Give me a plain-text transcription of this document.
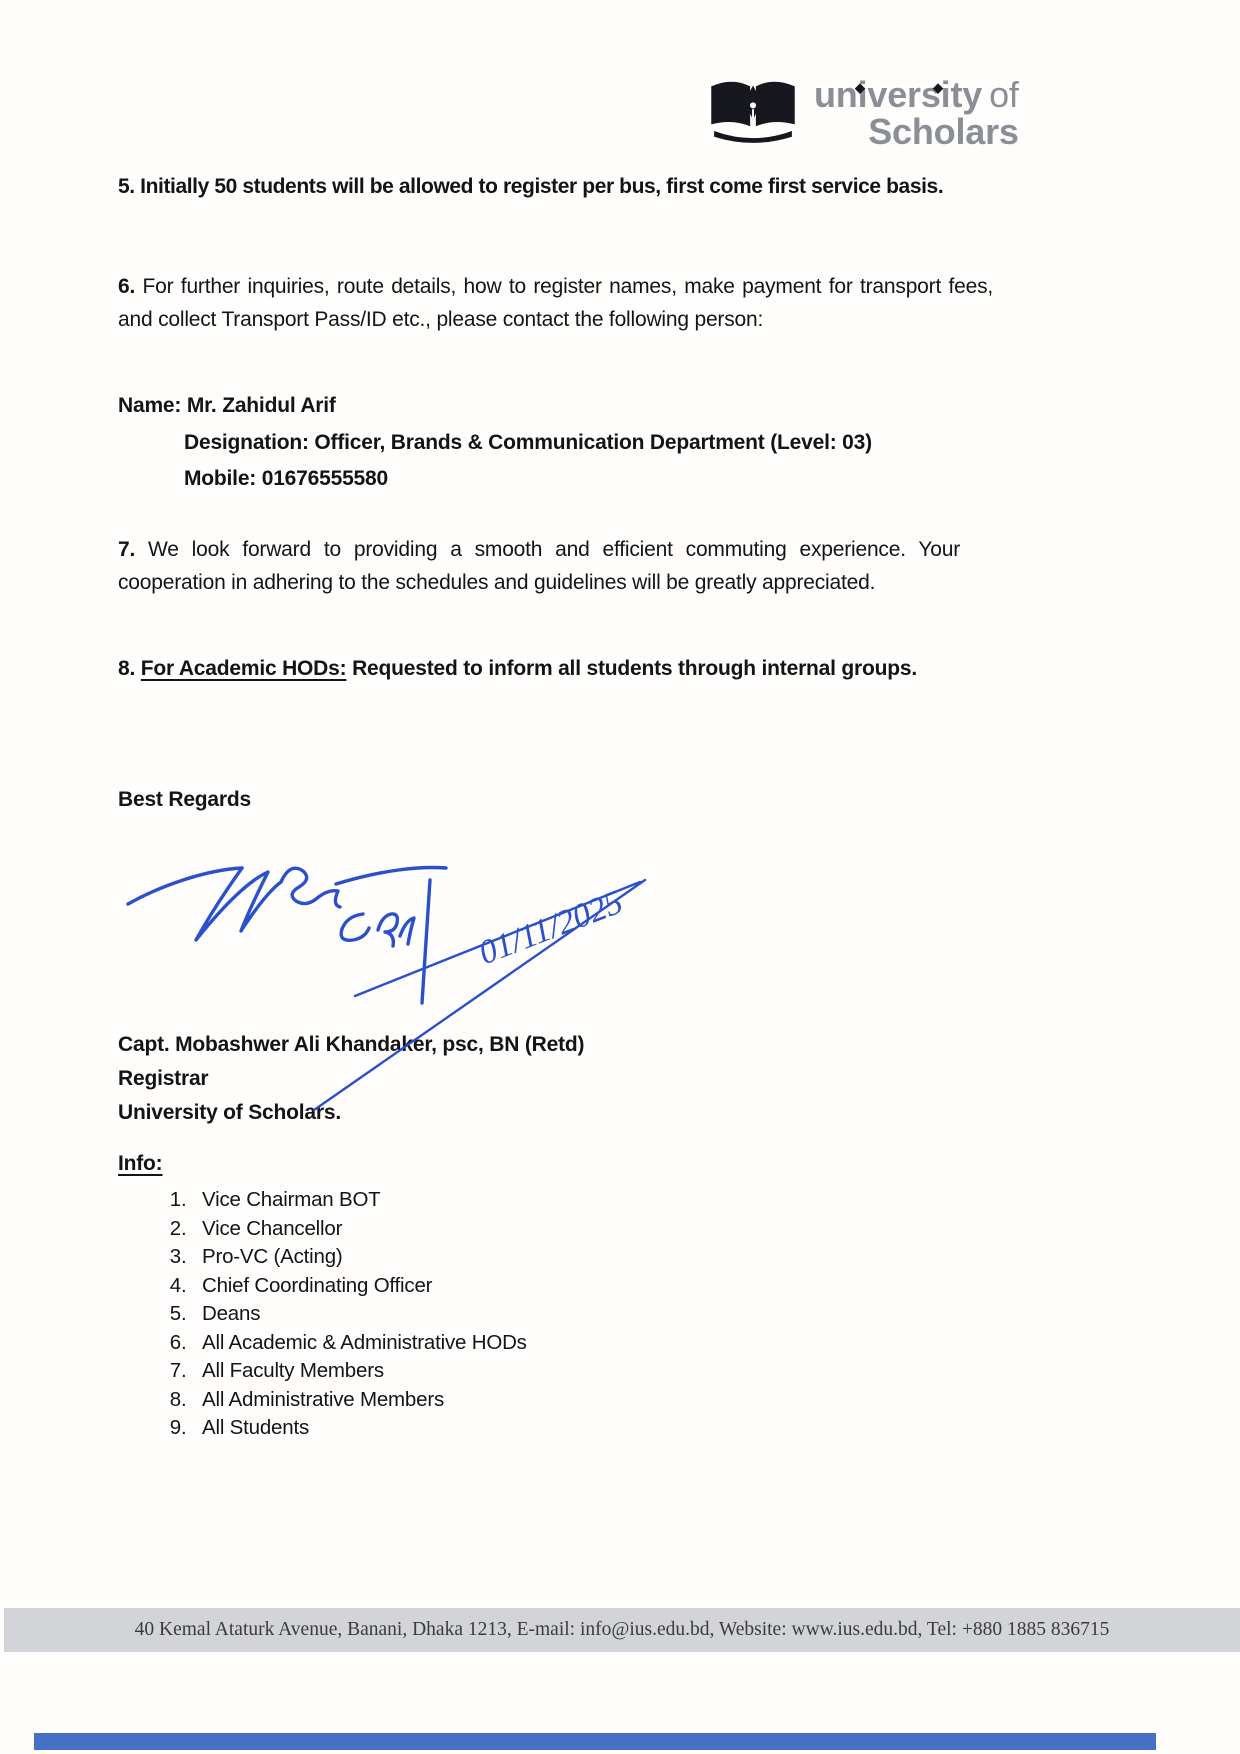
◆ university of ◆
Scholars
5. Initially 50 students will be allowed to register per bus, first come first service basis.
6. For further inquiries, route details, how to register names, make payment for transport fees, and collect Transport Pass/ID etc., please contact the following person:
Name: Mr. Zahidul Arif
Designation: Officer, Brands & Communication Department (Level: 03)
Mobile: 01676555580
7. We look forward to providing a smooth and efficient commuting experience. Your cooperation in adhering to the schedules and guidelines will be greatly appreciated.
8. For Academic HODs: Requested to inform all students through internal groups.
Best Regards
01/11/2025
Capt. Mobashwer Ali Khandaker, psc, BN (Retd)
Registrar
University of Scholars.
Info:
1. Vice Chairman BOT
2. Vice Chancellor
3. Pro-VC (Acting)
4. Chief Coordinating Officer
5. Deans
6. All Academic & Administrative HODs
7. All Faculty Members
8. All Administrative Members
9. All Students
40 Kemal Ataturk Avenue, Banani, Dhaka 1213, E-mail: info@ius.edu.bd, Website: www.ius.edu.bd, Tel: +880 1885 836715
